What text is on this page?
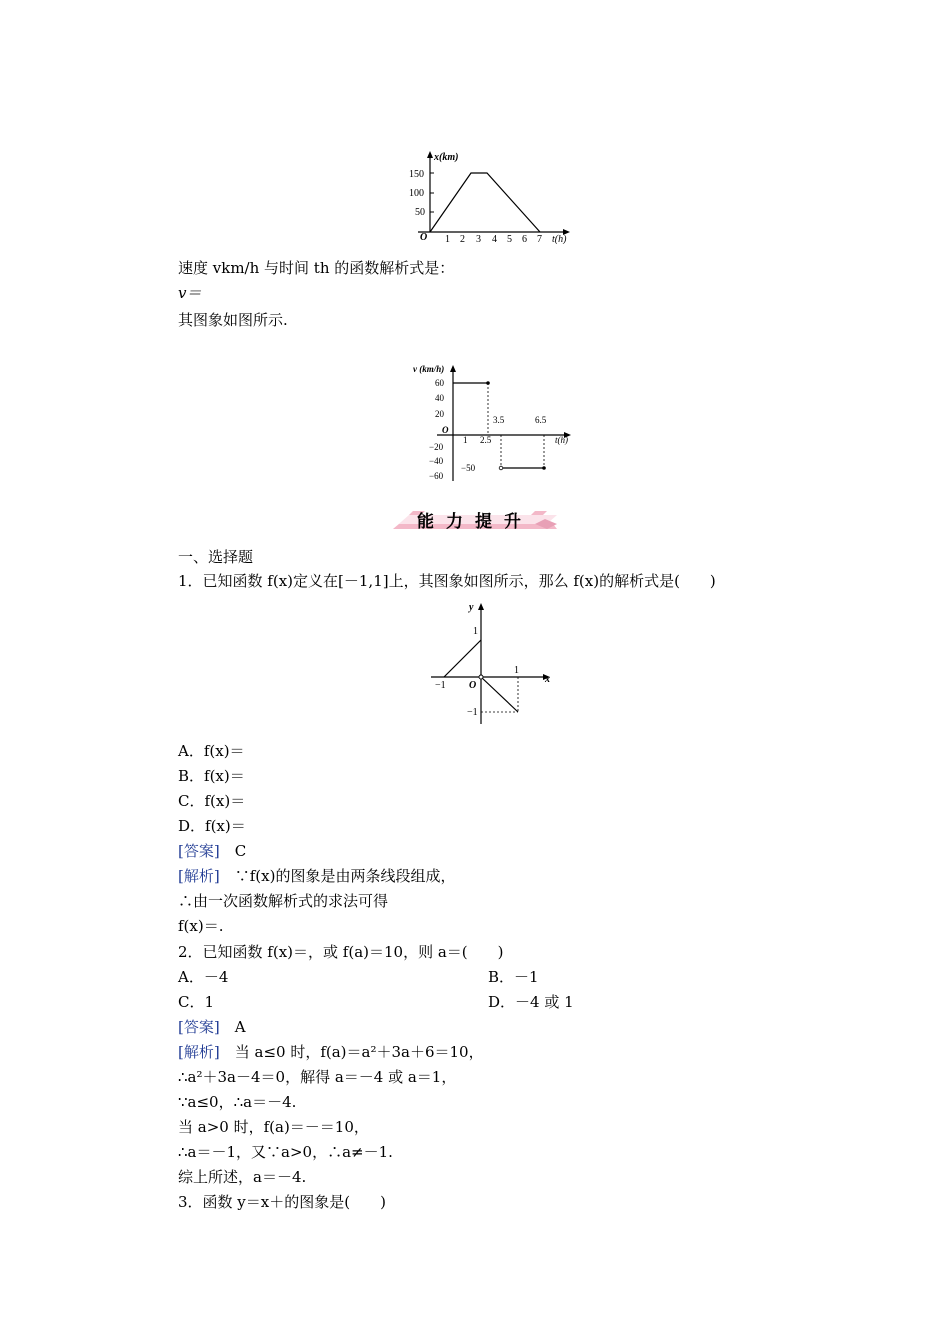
x(km)
150
100
50
O 1 2 3 4 5 6 7 t(h)
速度 vkm/h 与时间 th 的函数解析式是：
v＝
其图象如图所示.
v (km/h)
60
40
20
O
−20
−40
−60
1 2.5
3.5	6.5
t(h)
−50
能力提升
一、选择题
1．已知函数 f(x)定义在[－1,1]上，其图象如图所示，那么 f(x)的解析式是(　　)
y
1
−1 O
1
−1
x
A．f(x)＝
B．f(x)＝
C．f(x)＝
D．f(x)＝
[答案]　 C
[解析]　 ∵f(x)的图象是由两条线段组成，
∴由一次函数解析式的求法可得
f(x)＝.
2．已知函数 f(x)＝，或 f(a)＝10，则 a＝(　　)
A．－4	B．－1
C．1	D．－4 或 1
[答案]　 A
[解析]　 当 a≤0 时，f(a)＝a²＋3a＋6＝10，
∴a²＋3a－4＝0，解得 a＝－4 或 a＝1，
∵a≤0，∴a＝－4.
当 a>0 时，f(a)＝－＝10，
∴a＝－1，又∵a>0，∴a≠－1.
综上所述，a＝－4.
3．函数 y＝x＋的图象是(　　)
